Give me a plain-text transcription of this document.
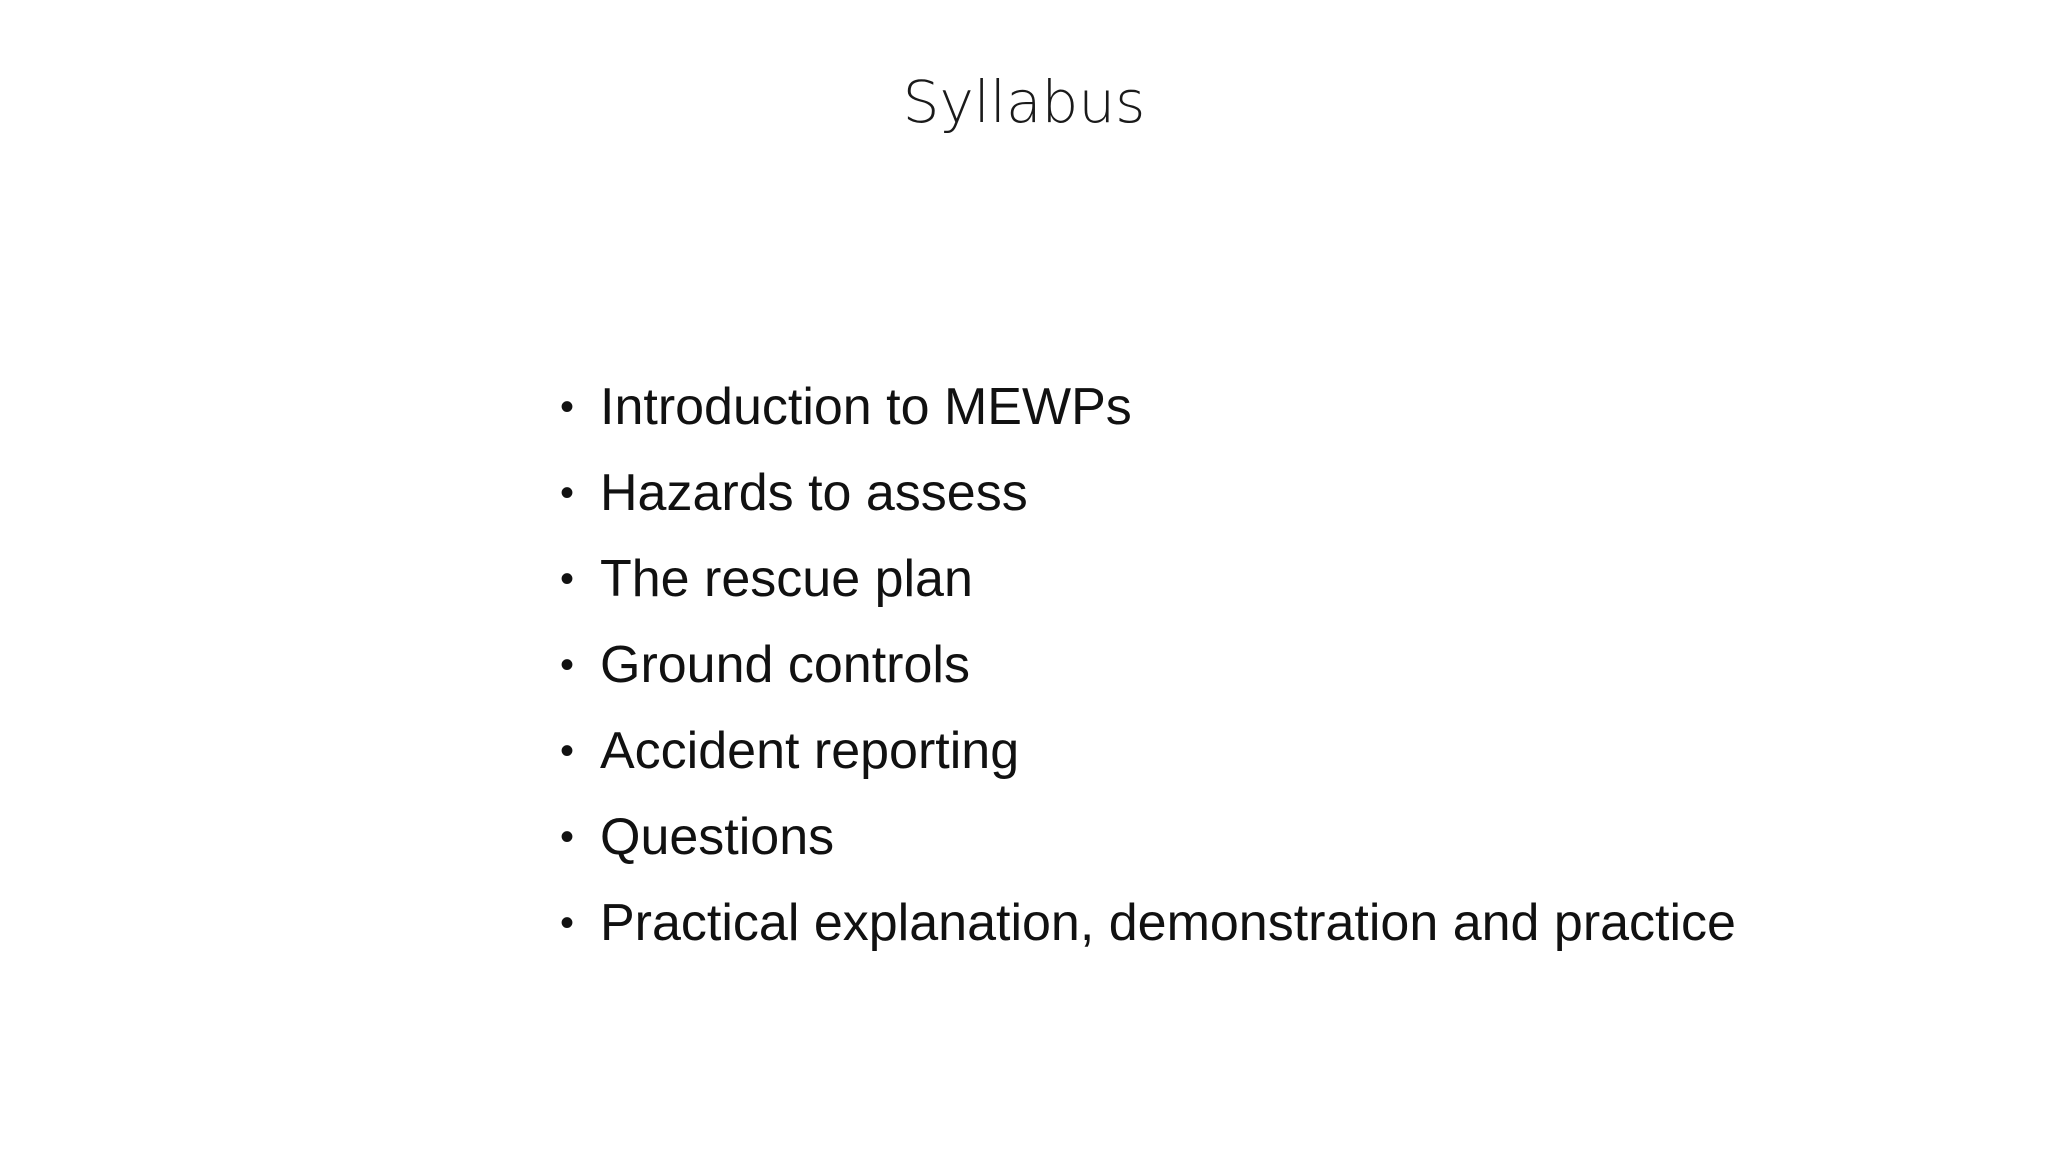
Syllabus
• Introduction to MEWPs
• Hazards to assess
• The rescue plan
• Ground controls
• Accident reporting
• Questions
• Practical explanation, demonstration and practice
